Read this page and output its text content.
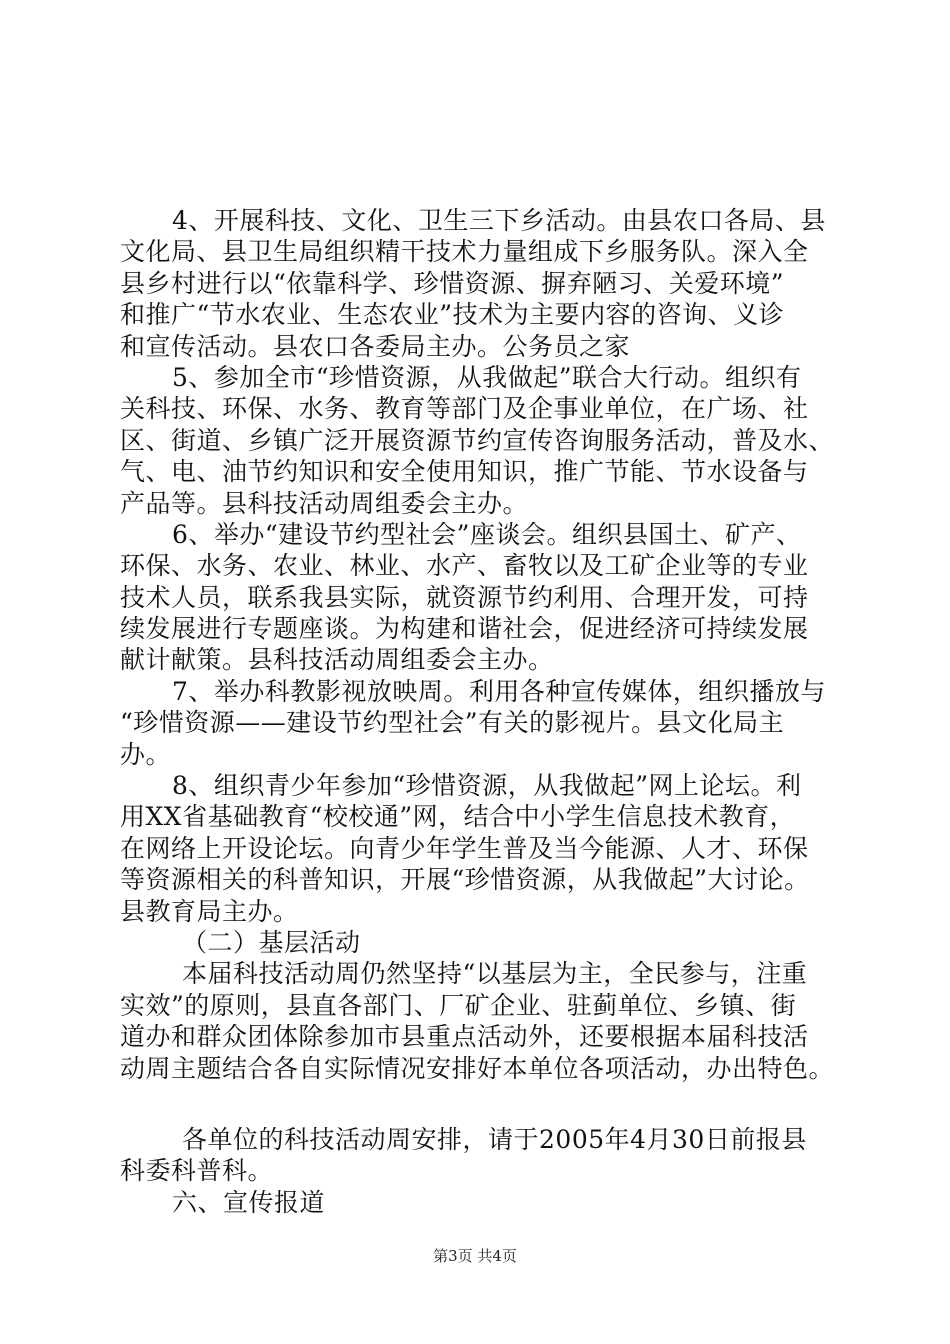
4、开展科技、文化、卫生三下乡活动。由县农口各局、县
文化局、县卫生局组织精干技术力量组成下乡服务队。深入全
县乡村进行以“依靠科学、珍惜资源、摒弃陋习、关爱环境”
和推广“节水农业、生态农业”技术为主要内容的咨询、义诊
和宣传活动。县农口各委局主办。公务员之家
5、参加全市“珍惜资源，从我做起”联合大行动。组织有
关科技、环保、水务、教育等部门及企事业单位，在广场、社
区、街道、乡镇广泛开展资源节约宣传咨询服务活动，普及水、
气、电、油节约知识和安全使用知识，推广节能、节水设备与
产品等。县科技活动周组委会主办。
6、举办“建设节约型社会”座谈会。组织县国土、矿产、
环保、水务、农业、林业、水产、畜牧以及工矿企业等的专业
技术人员，联系我县实际，就资源节约利用、合理开发，可持
续发展进行专题座谈。为构建和谐社会，促进经济可持续发展
献计献策。县科技活动周组委会主办。
7、举办科教影视放映周。利用各种宣传媒体，组织播放与
“珍惜资源——建设节约型社会”有关的影视片。县文化局主
办。
8、组织青少年参加“珍惜资源，从我做起”网上论坛。利
用XX省基础教育“校校通”网，结合中小学生信息技术教育，
在网络上开设论坛。向青少年学生普及当今能源、人才、环保
等资源相关的科普知识，开展“珍惜资源，从我做起”大讨论。
县教育局主办。
（二）基层活动
本届科技活动周仍然坚持“以基层为主，全民参与，注重
实效”的原则，县直各部门、厂矿企业、驻蓟单位、乡镇、街
道办和群众团体除参加市县重点活动外，还要根据本届科技活
动周主题结合各自实际情况安排好本单位各项活动，办出特色。
各单位的科技活动周安排，请于2005年4月30日前报县
科委科普科。
六、宣传报道
第3页 共4页
